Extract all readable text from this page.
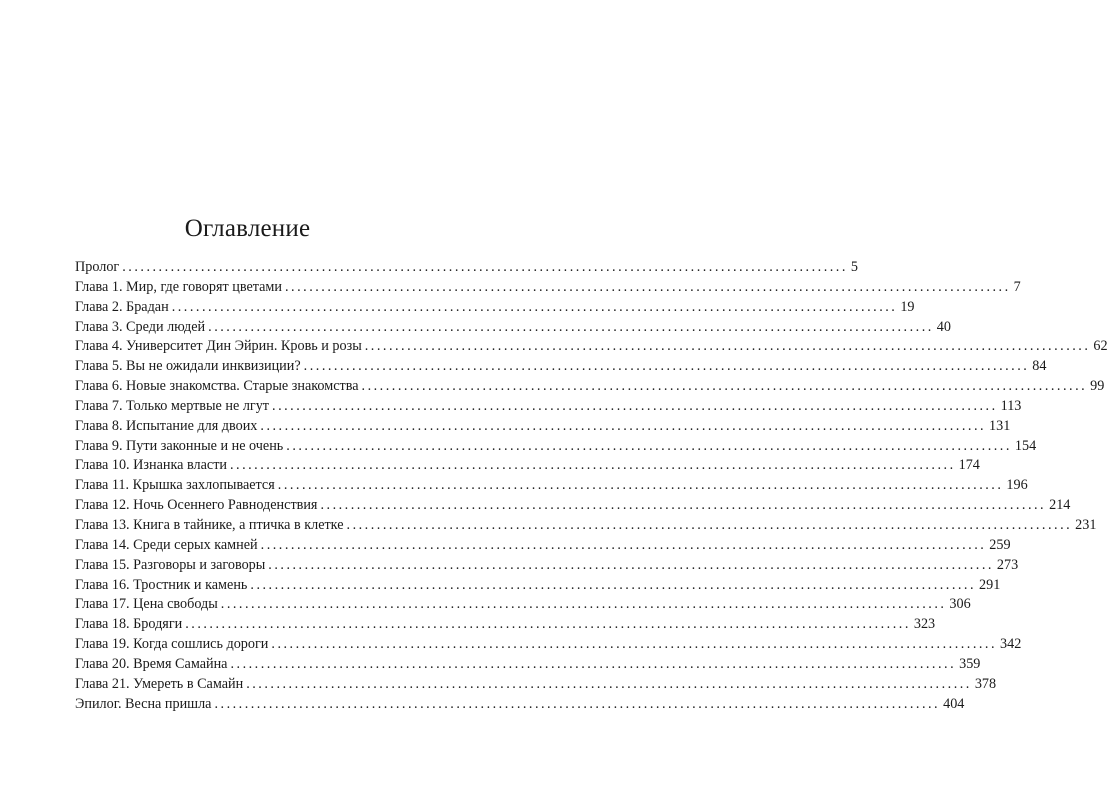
Оглавление
Пролог ........................................................................................................................ 5
Глава 1. Мир, где говорят цветами ........................................................................................................................ 7
Глава 2. Брадан ........................................................................................................................ 19
Глава 3. Среди людей ........................................................................................................................ 40
Глава 4. Университет Дин Эйрин. Кровь и розы ........................................................................................................................ 62
Глава 5. Вы не ожидали инквизиции? ........................................................................................................................ 84
Глава 6. Новые знакомства. Старые знакомства ........................................................................................................................ 99
Глава 7. Только мертвые не лгут ........................................................................................................................ 113
Глава 8. Испытание для двоих ........................................................................................................................ 131
Глава 9. Пути законные и не очень ........................................................................................................................ 154
Глава 10. Изнанка власти ........................................................................................................................ 174
Глава 11. Крышка захлопывается ........................................................................................................................ 196
Глава 12. Ночь Осеннего Равноденствия ........................................................................................................................ 214
Глава 13. Книга в тайнике, а птичка в клетке ........................................................................................................................ 231
Глава 14. Среди серых камней ........................................................................................................................ 259
Глава 15. Разговоры и заговоры ........................................................................................................................ 273
Глава 16. Тростник и камень ........................................................................................................................ 291
Глава 17. Цена свободы ........................................................................................................................ 306
Глава 18. Бродяги ........................................................................................................................ 323
Глава 19. Когда сошлись дороги ........................................................................................................................ 342
Глава 20. Время Самайна ........................................................................................................................ 359
Глава 21. Умереть в Самайн ........................................................................................................................ 378
Эпилог. Весна пришла ........................................................................................................................ 404
